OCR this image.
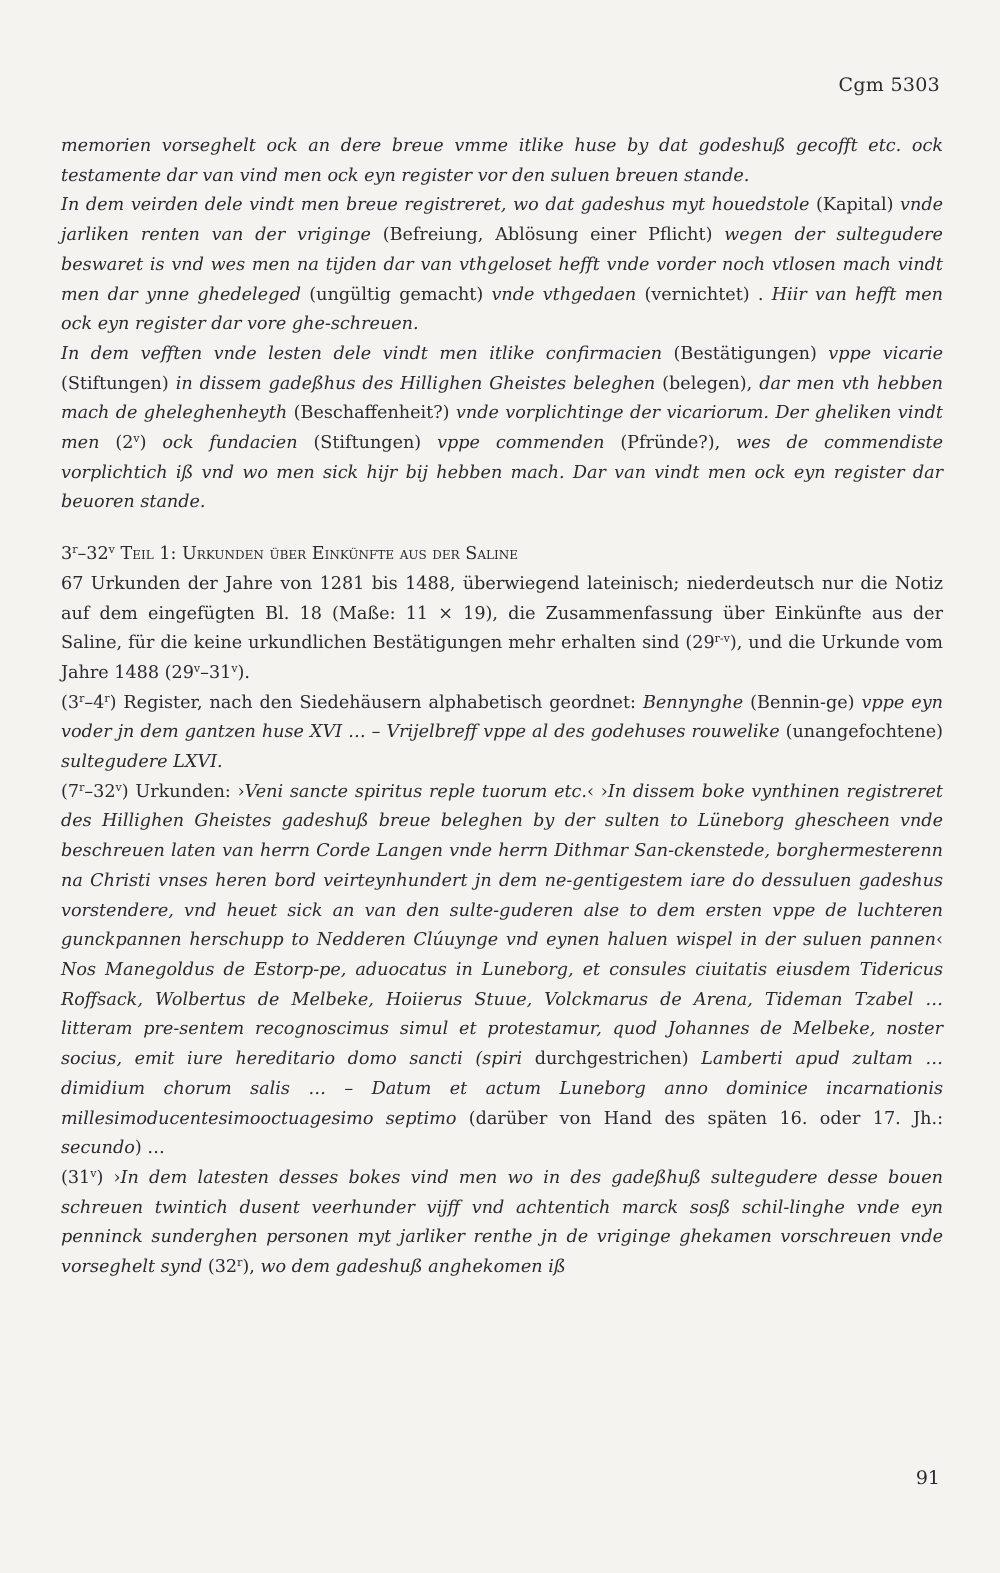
Cgm 5303

memorien vorseghelt ock an dere breue vmme itlike huse by dat godeshuß gecofft etc. ock testamente dar van vind men ock eyn register vor den suluen breuen stande.

In dem veirden dele vindt men breue registreret, wo dat gadeshus myt houedstole (Kapital) vnde jarliken renten van der vriginge (Befreiung, Ablösung einer Pflicht) wegen der sultegudere beswaret is vnd wes men na tijden dar van vthgeloset hefft vnde vorder noch vtlosen mach vindt men dar ynne ghedeleged (ungültig gemacht) vnde vthgedaen (vernichtet) . Hiir van hefft men ock eyn register dar vore ghe-schreuen.

In dem vefften vnde lesten dele vindt men itlike confirmacien (Bestätigungen) vppe vicarie (Stiftungen) in dissem gadeßhus des Hillighen Gheistes beleghen (belegen), dar men vth hebben mach de gheleghenheyth (Beschaffenheit?) vnde vorplichtinge der vicariorum. Der gheliken vindt men (2$^v$) ock fundacien (Stiftungen) vppe commenden (Pfründe?), wes de commendiste vorplichtich iß vnd wo men sick hijr bij hebben mach. Dar van vindt men ock eyn register dar beuoren stande.

3$^r$–32$^v$ Teil 1: Urkunden über Einkünfte aus der Saline

67 Urkunden der Jahre von 1281 bis 1488, überwiegend lateinisch; niederdeutsch nur die Notiz auf dem eingefügten Bl. 18 (Maße: 11 × 19), die Zusammenfassung über Einkünfte aus der Saline, für die keine urkundlichen Bestätigungen mehr erhalten sind (29$^{r-v}$), und die Urkunde vom Jahre 1488 (29$^v$–31$^v$).

(3$^r$–4$^r$) Register, nach den Siedehäusern alphabetisch geordnet: Bennynghe (Bennin-ge) vppe eyn voder jn dem gantzen huse XVI … – Vrijelbreff vppe al des godehuses rouwelike (unangefochtene) sultegudere LXVI.

(7$^r$–32$^v$) Urkunden: ›Veni sancte spiritus reple tuorum etc.‹ ›In dissem boke vynthinen registreret des Hillighen Gheistes gadeshuß breue beleghen by der sulten to Lüneborg ghescheen vnde beschreuen laten van herrn Corde Langen vnde herrn Dithmar San-ckenstede, borghermesterenn na Christi vnses heren bord veirteynhundert jn dem ne-gentigestem iare do dessuluen gadeshus vorstendere, vnd heuet sick an van den sulte-guderen alse to dem ersten vppe de luchteren gunckpannen herschupp to Nedderen Clúuynge vnd eynen haluen wispel in der suluen pannen‹ Nos Manegoldus de Estorp-pe, aduocatus in Luneborg, et consules ciuitatis eiusdem Tidericus Roffsack, Wolbertus de Melbeke, Hoiierus Stuue, Volckmarus de Arena, Tideman Tzabel … litteram pre-sentem recognoscimus simul et protestamur, quod Johannes de Melbeke, noster socius, emit iure hereditario domo sancti (spiri durchgestrichen) Lamberti apud zultam … dimidium chorum salis … – Datum et actum Luneborg anno dominice incarnationis millesimoducentesimooctuagesimo septimo (darüber von Hand des späten 16. oder 17. Jh.: secundo) …

(31$^v$) ›In dem latesten desses bokes vind men wo in des gadeßhuß sultegudere desse bouen schreuen twintich dusent veerhunder vijff vnd achtentich marck sosß schil-linghe vnde eyn penninck sunderghen personen myt jarliker renthe jn de vriginge ghekamen vorschreuen vnde vorseghelt synd (32$^r$), wo dem gadeshuß anghekomen iß

91
